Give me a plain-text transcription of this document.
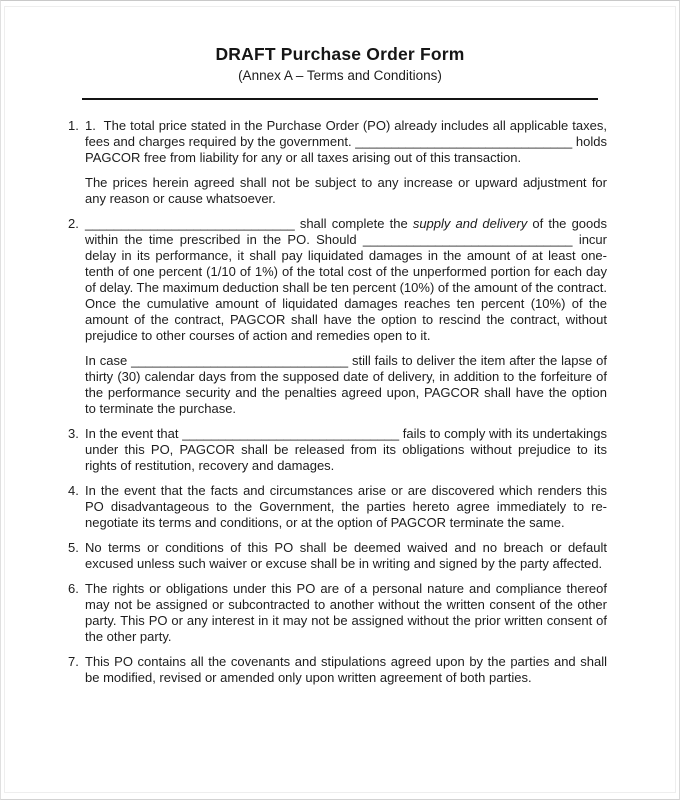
DRAFT Purchase Order Form
(Annex A – Terms and Conditions)
1. 1.  The total price stated in the Purchase Order (PO) already includes all applicable taxes, fees and charges required by the government. ______________________________ holds PAGCOR free from liability for any or all taxes arising out of this transaction.

The prices herein agreed shall not be subject to any increase or upward adjustment for any reason or cause whatsoever.

2. _____________________________ shall complete the supply and delivery of the goods within the time prescribed in the PO. Should _____________________________ incur delay in its performance, it shall pay liquidated damages in the amount of at least one-tenth of one percent (1/10 of 1%) of the total cost of the unperformed portion for each day of delay. The maximum deduction shall be ten percent (10%) of the amount of the contract. Once the cumulative amount of liquidated damages reaches ten percent (10%) of the amount of the contract, PAGCOR shall have the option to rescind the contract, without prejudice to other courses of action and remedies open to it.

In case ______________________________ still fails to deliver the item after the lapse of thirty (30) calendar days from the supposed date of delivery, in addition to the forfeiture of the performance security and the penalties agreed upon, PAGCOR shall have the option to terminate the purchase.

3. In the event that ______________________________ fails to comply with its undertakings under this PO, PAGCOR shall be released from its obligations without prejudice to its rights of restitution, recovery and damages.

4. In the event that the facts and circumstances arise or are discovered which renders this PO disadvantageous to the Government, the parties hereto agree immediately to re-negotiate its terms and conditions, or at the option of PAGCOR terminate the same.

5. No terms or conditions of this PO shall be deemed waived and no breach or default excused unless such waiver or excuse shall be in writing and signed by the party affected.

6. The rights or obligations under this PO are of a personal nature and compliance thereof may not be assigned or subcontracted to another without the written consent of the other party. This PO or any interest in it may not be assigned without the prior written consent of the other party.

7. This PO contains all the covenants and stipulations agreed upon by the parties and shall be modified, revised or amended only upon written agreement of both parties.
